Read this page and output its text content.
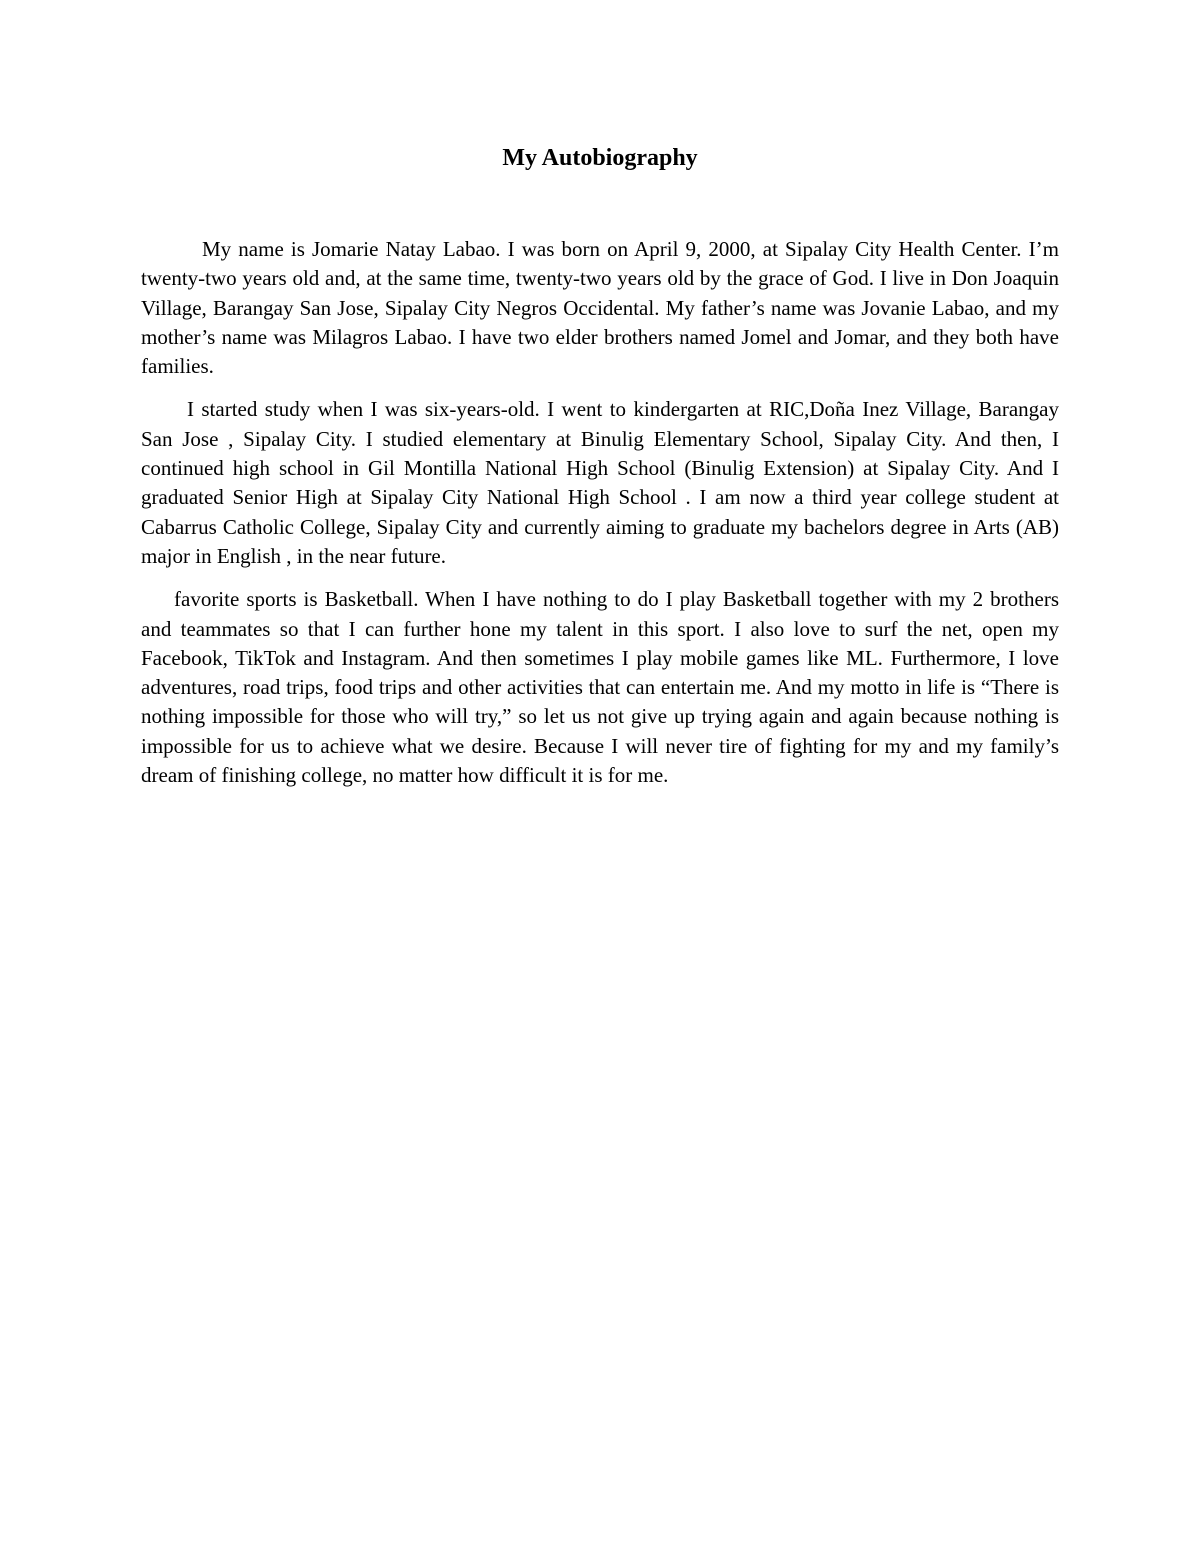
My Autobiography

My name is Jomarie Natay Labao. I was born on April 9, 2000, at Sipalay City Health Center. I’m twenty-two years old and, at the same time, twenty-two years old by the grace of God. I live in Don Joaquin Village, Barangay San Jose, Sipalay City Negros Occidental. My father’s name was Jovanie Labao, and my mother’s name was Milagros Labao. I have two elder brothers named Jomel and Jomar, and they both have families.

I started study when I was six-years-old. I went to kindergarten at RIC,Doña Inez Village, Barangay San Jose , Sipalay City. I studied elementary at Binulig Elementary School, Sipalay City. And then, I continued high school in Gil Montilla National High School (Binulig Extension) at Sipalay City. And I graduated Senior High at Sipalay City National High School . I am now a third year college student at Cabarrus Catholic College, Sipalay City and currently aiming to graduate my bachelors degree in Arts (AB) major in English , in the near future.

favorite sports is Basketball. When I have nothing to do I play Basketball together with my 2 brothers and teammates so that I can further hone my talent in this sport. I also love to surf the net, open my Facebook, TikTok and Instagram. And then sometimes I play mobile games like ML. Furthermore, I love adventures, road trips, food trips and other activities that can entertain me. And my motto in life is “There is nothing impossible for those who will try,” so let us not give up trying again and again because nothing is impossible for us to achieve what we desire. Because I will never tire of fighting for my and my family’s dream of finishing college, no matter how difficult it is for me.
